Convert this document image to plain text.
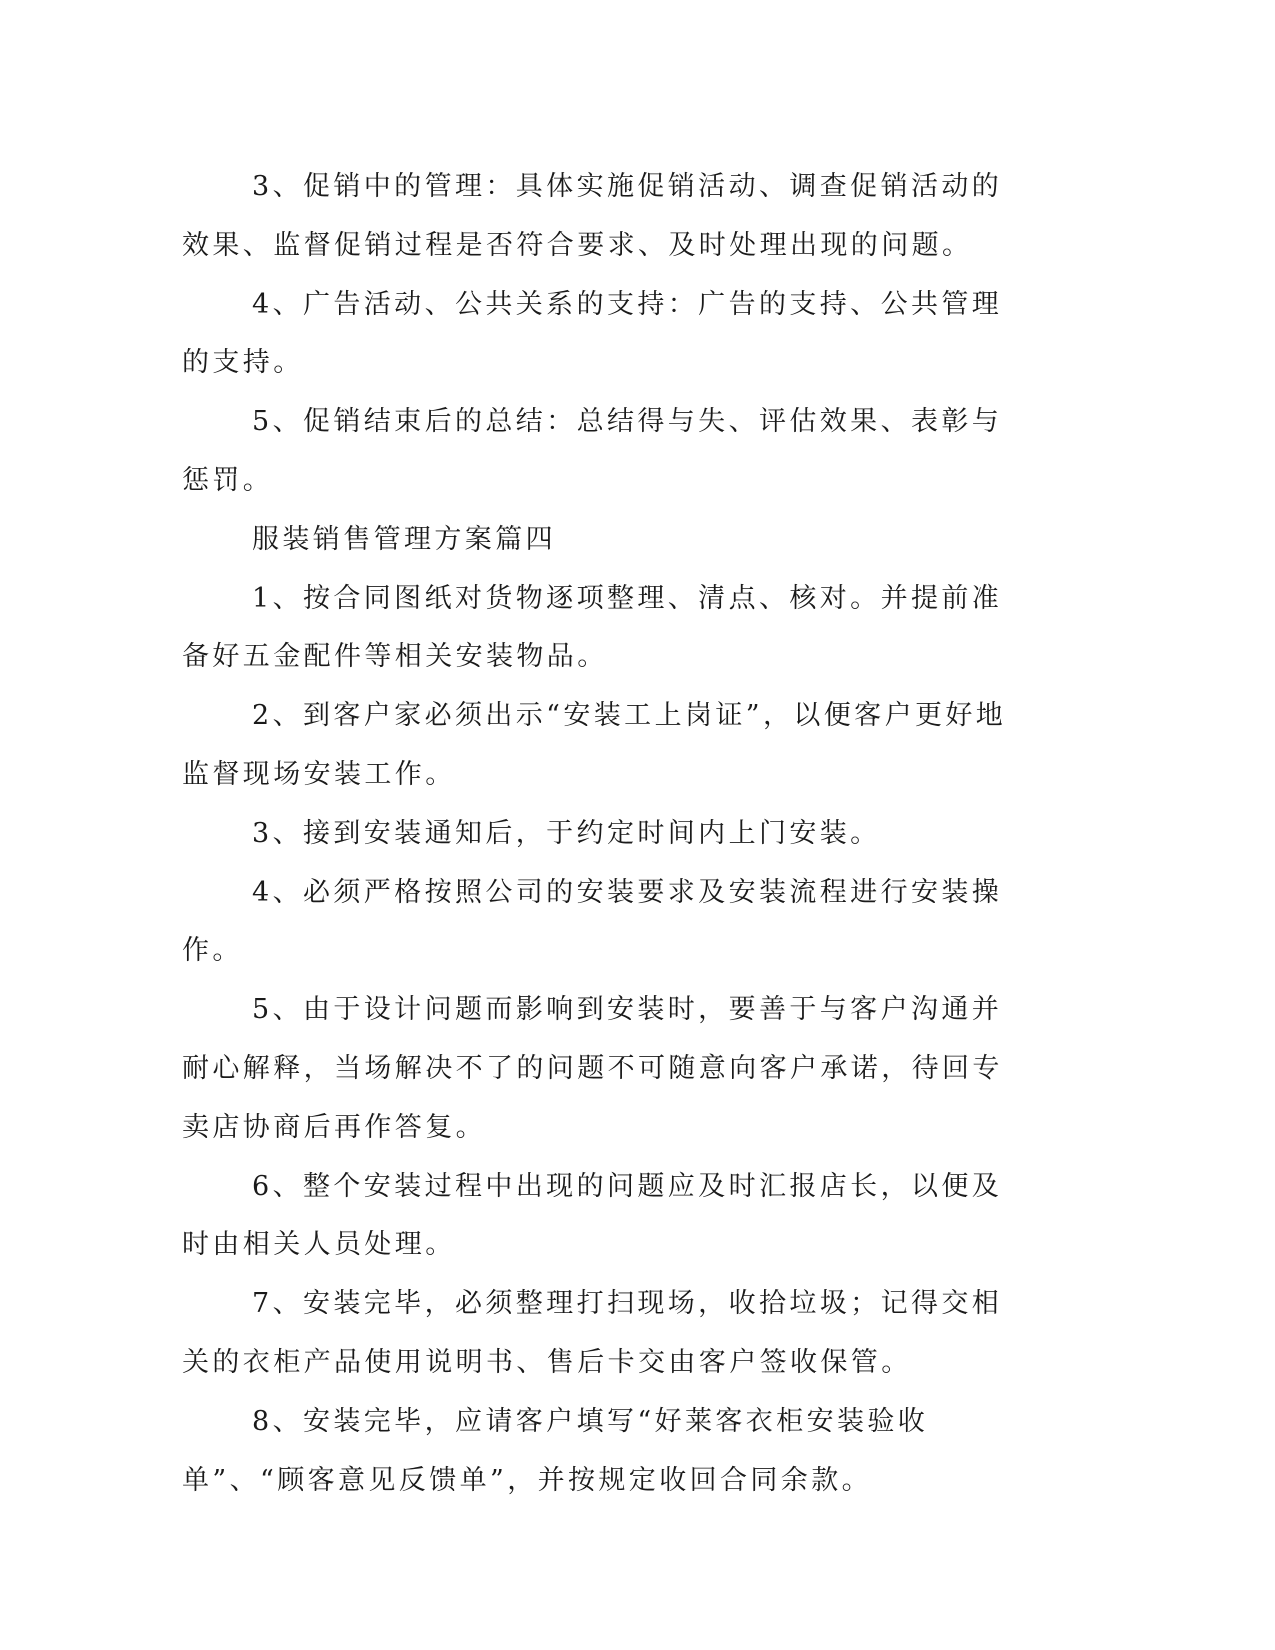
3、促销中的管理：具体实施促销活动、调查促销活动的效果、监督促销过程是否符合要求、及时处理出现的问题。

4、广告活动、公共关系的支持：广告的支持、公共管理的支持。

5、促销结束后的总结：总结得与失、评估效果、表彰与惩罚。

服装销售管理方案篇四

1、按合同图纸对货物逐项整理、清点、核对。并提前准备好五金配件等相关安装物品。

2、到客户家必须出示“安装工上岗证”，以便客户更好地监督现场安装工作。

3、接到安装通知后，于约定时间内上门安装。

4、必须严格按照公司的安装要求及安装流程进行安装操作。

5、由于设计问题而影响到安装时，要善于与客户沟通并耐心解释，当场解决不了的问题不可随意向客户承诺，待回专卖店协商后再作答复。

6、整个安装过程中出现的问题应及时汇报店长，以便及时由相关人员处理。

7、安装完毕，必须整理打扫现场，收拾垃圾；记得交相关的衣柜产品使用说明书、售后卡交由客户签收保管。

8、安装完毕，应请客户填写“好莱客衣柜安装验收单”、“顾客意见反馈单”，并按规定收回合同余款。
